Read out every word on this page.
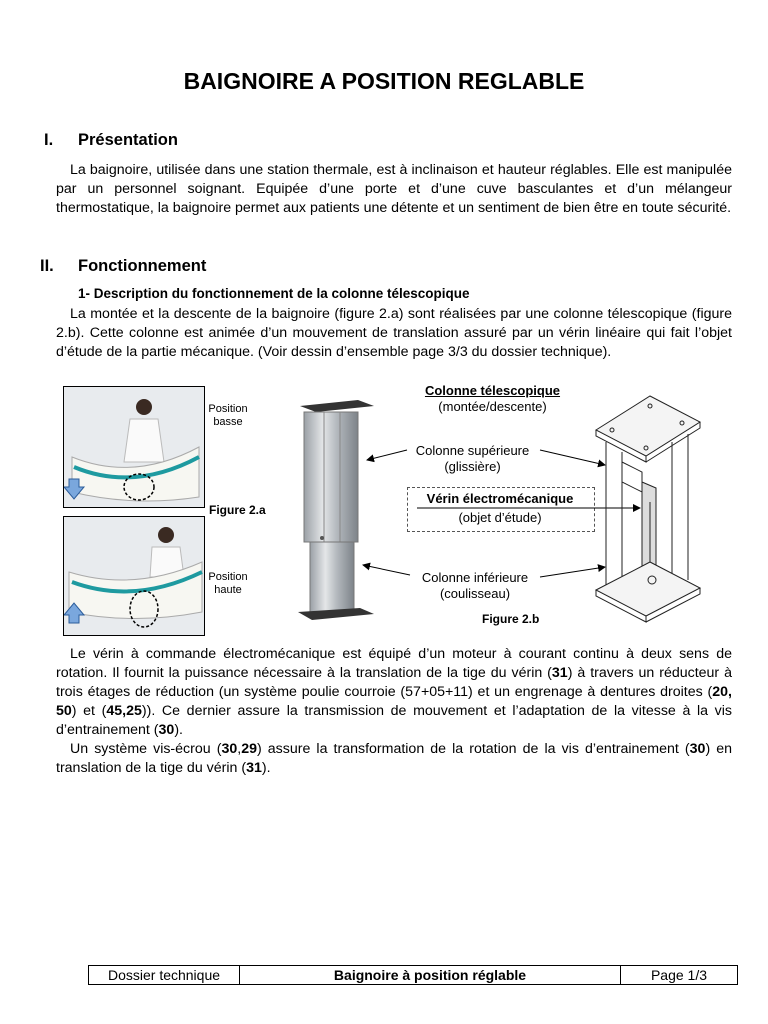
BAIGNOIRE A POSITION REGLABLE
I. Présentation

La baignoire, utilisée dans une station thermale, est à inclinaison et hauteur réglables. Elle est manipulée par un personnel soignant. Equipée d’une porte et d’une cuve basculantes et d’un mélangeur thermostatique, la baignoire permet aux patients une détente et un sentiment de bien être en toute sécurité.

II. Fonctionnement
1- Description du fonctionnement de la colonne télescopique

La montée et la descente de la baignoire (figure 2.a) sont réalisées par une colonne télescopique (figure 2.b). Cette colonne est animée d’un mouvement de translation assuré par un vérin linéaire qui fait l’objet d’étude de la partie mécanique. (Voir dessin d’ensemble page 3/3 du dossier technique).

Position
basse
Figure 2.a
Position
haute
Colonne télescopique
(montée/descente)
Colonne supérieure
(glissière)
Vérin électromécanique
(objet d’étude)
Colonne inférieure
(coulisseau)
Figure 2.b

Le vérin à commande électromécanique est équipé d’un moteur à courant continu à deux sens de rotation. Il fournit la puissance nécessaire à la translation de la tige du vérin (31) à travers un réducteur à trois étages de réduction (un système poulie courroie (57+05+11) et un engrenage à dentures droites (20, 50) et (45,25)). Ce dernier assure la transmission de mouvement et l’adaptation de la vitesse à la vis d’entrainement (30).

Un système vis-écrou (30,29) assure la transformation de la rotation de la vis d’entrainement (30) en translation de la tige du vérin (31).

Dossier technique	Baignoire à position réglable	Page 1/3
